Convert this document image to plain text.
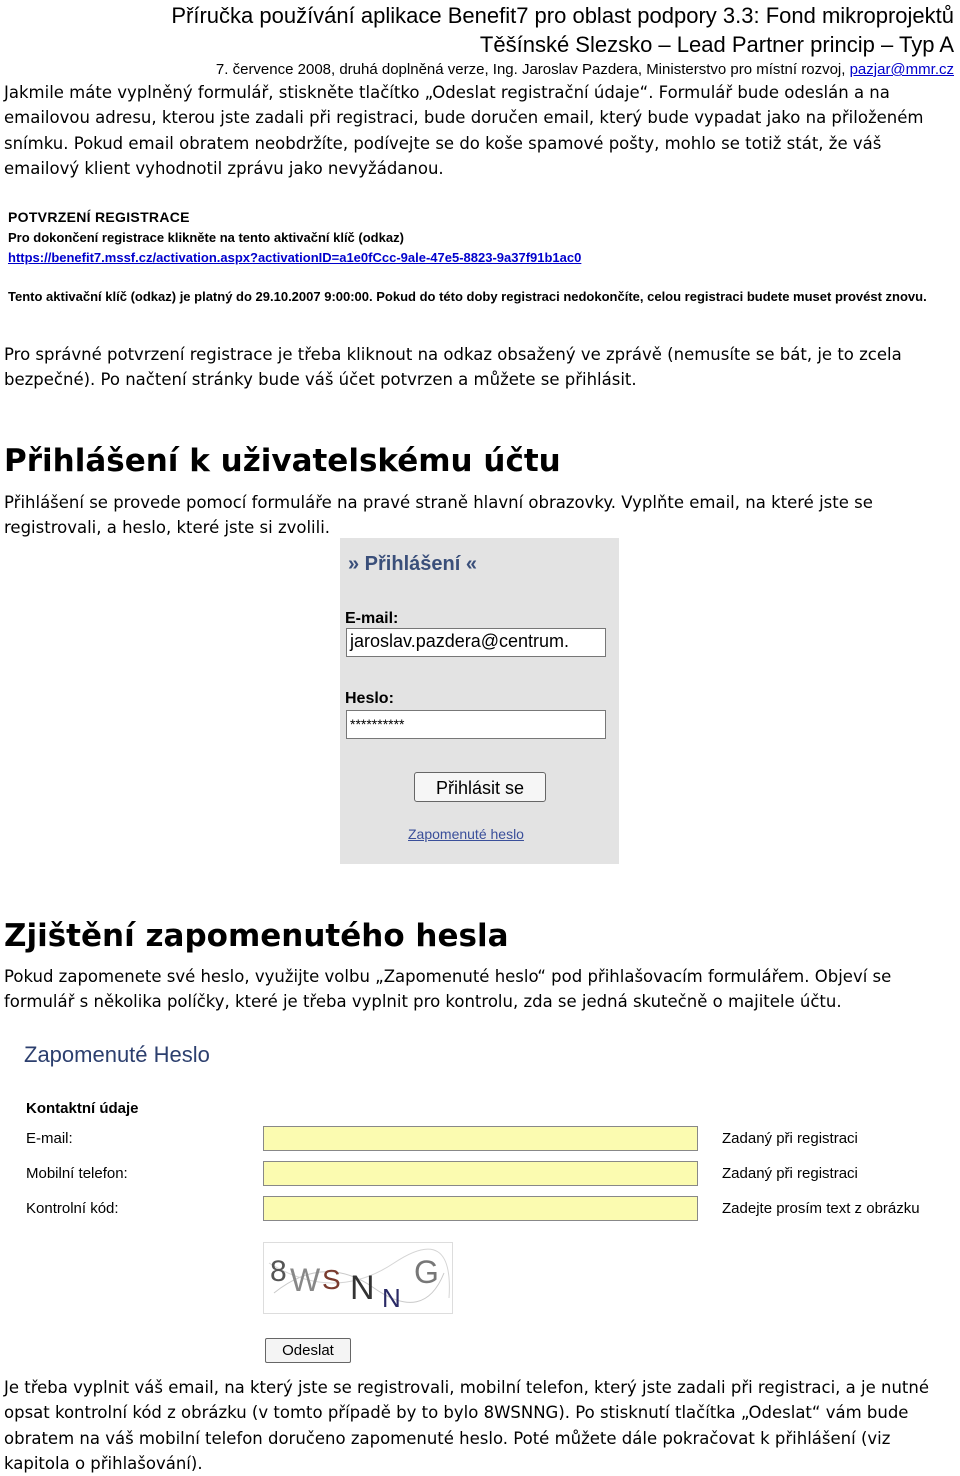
Příručka používání aplikace Benefit7 pro oblast podpory 3.3: Fond mikroprojektů
Těšínské Slezsko – Lead Partner princip – Typ A
7. července 2008, druhá doplněná verze, Ing. Jaroslav Pazdera, Ministerstvo pro místní rozvoj, pazjar@mmr.cz

Jakmile máte vyplněný formulář, stiskněte tlačítko „Odeslat registrační údaje“. Formulář bude odeslán a na emailovou adresu, kterou jste zadali při registraci, bude doručen email, který bude vypadat jako na přiloženém snímku. Pokud email obratem neobdržíte, podívejte se do koše spamové pošty, mohlo se totiž stát, že váš emailový klient vyhodnotil zprávu jako nevyžádanou.

POTVRZENÍ REGISTRACE
Pro dokončení registrace klikněte na tento aktivační klíč (odkaz)
https://benefit7.mssf.cz/activation.aspx?activationID=a1e0fCcc-9ale-47e5-8823-9a37f91b1ac0
Tento aktivační klíč (odkaz) je platný do 29.10.2007 9:00:00. Pokud do této doby registraci nedokončíte, celou registraci budete muset provést znovu.

Pro správné potvrzení registrace je třeba kliknout na odkaz obsažený ve zprávě (nemusíte se bát, je to zcela bezpečné). Po načtení stránky bude váš účet potvrzen a můžete se přihlásit.

Přihlášení k uživatelskému účtu

Přihlášení se provede pomocí formuláře na pravé straně hlavní obrazovky. Vyplňte email, na které jste se registrovali, a heslo, které jste si zvolili.

» Přihlášení «
E-mail:
jaroslav.pazdera@centrum.
Heslo:
**********
Přihlásit se
Zapomenuté heslo
Zjištění zapomenutého hesla

Pokud zapomenete své heslo, využijte volbu „Zapomenuté heslo“ pod přihlašovacím formulářem. Objeví se formulář s několika políčky, které je třeba vyplnit pro kontrolu, zda se jedná skutečně o majitele účtu.

Zapomenuté Heslo
Kontaktní údaje
E-mail:	Zadaný při registraci
Mobilní telefon:	Zadaný při registraci
Kontrolní kód:	Zadejte prosím text z obrázku
8 W S N N
G
Odeslat

Je třeba vyplnit váš email, na který jste se registrovali, mobilní telefon, který jste zadali při registraci, a je nutné opsat kontrolní kód z obrázku (v tomto případě by to bylo 8WSNNG). Po stisknutí tlačítka „Odeslat“ vám bude obratem na váš mobilní telefon doručeno zapomenuté heslo. Poté můžete dále pokračovat k přihlášení (viz kapitola o přihlašování).
